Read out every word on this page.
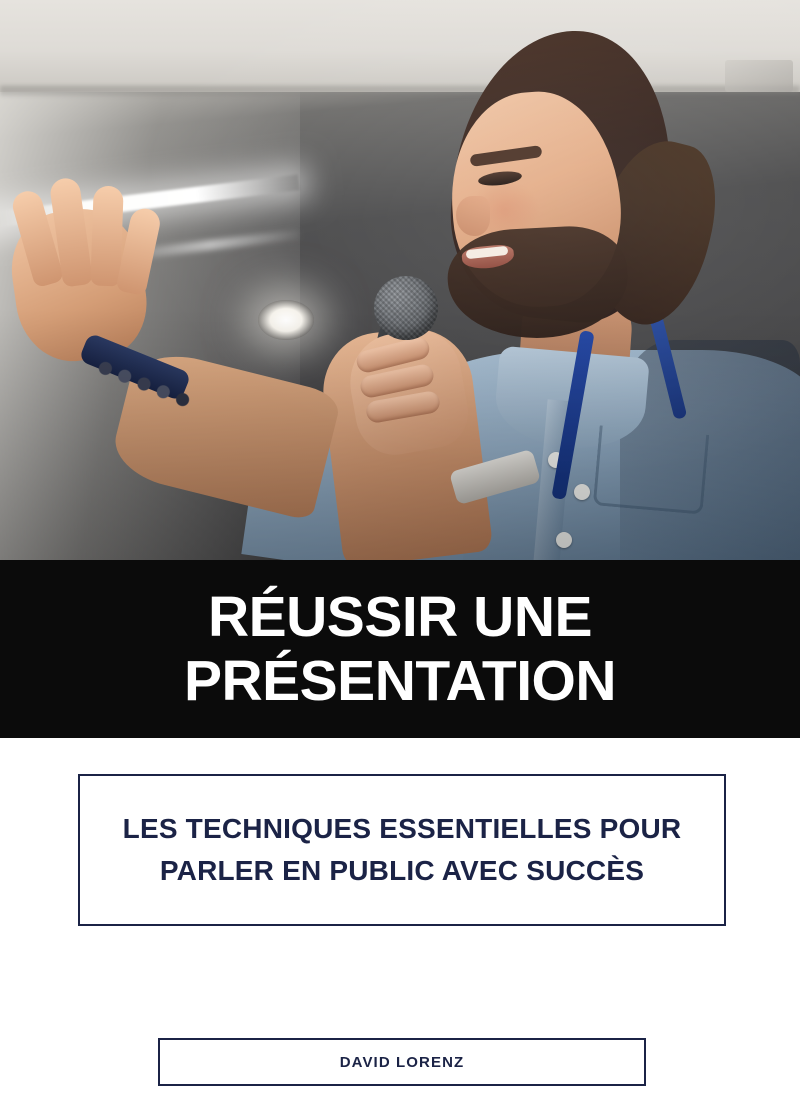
RÉUSSIR UNE
PRÉSENTATION
LES TECHNIQUES ESSENTIELLES POUR
PARLER EN PUBLIC AVEC SUCCÈS
DAVID LORENZ
